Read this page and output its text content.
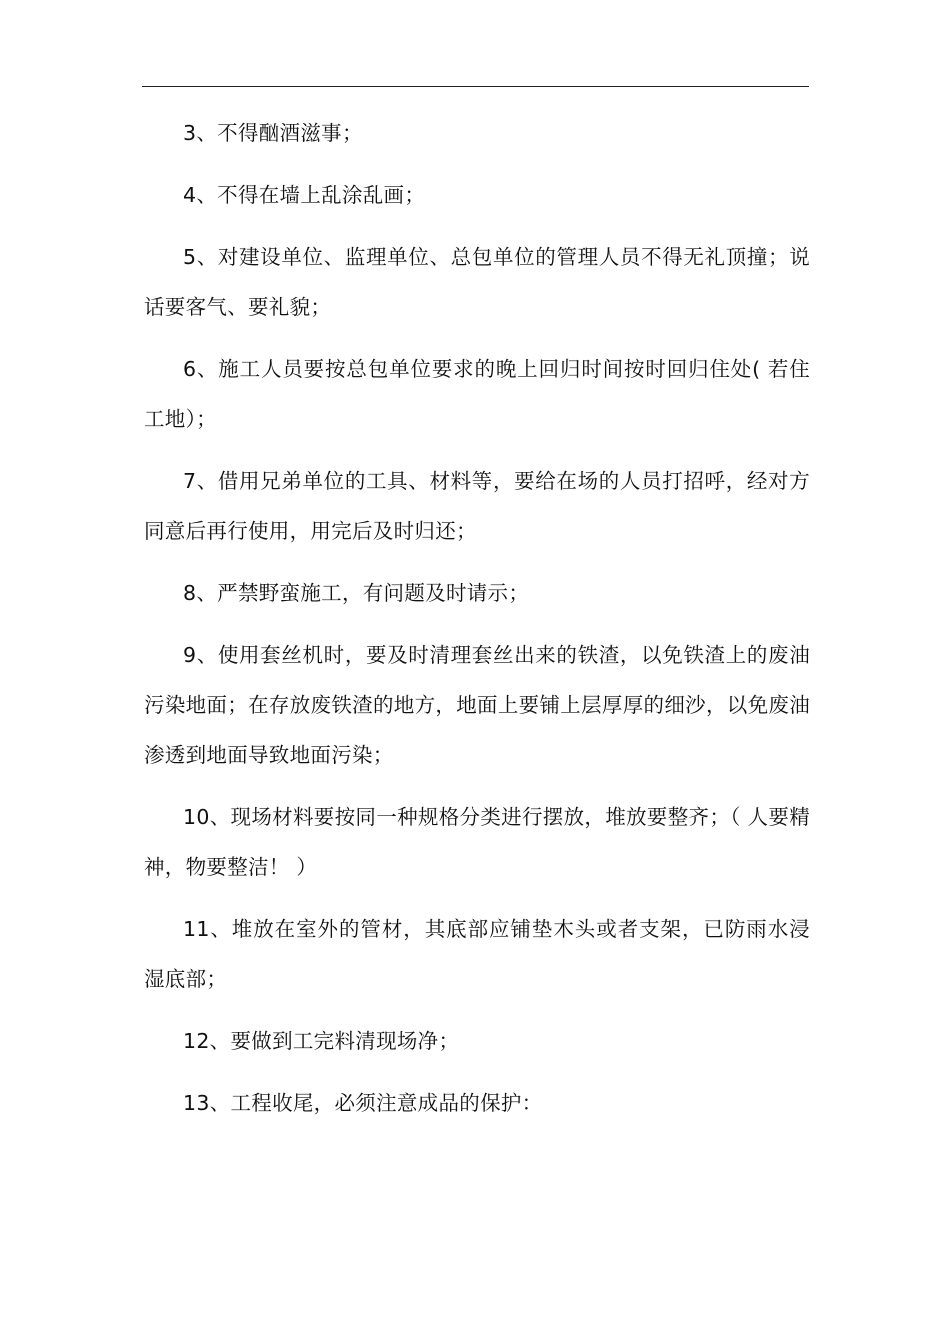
3、不得酗酒滋事；

4、不得在墙上乱涂乱画；

5、对建设单位、监理单位、总包单位的管理人员不得无礼顶撞；说话要客气、要礼貌；

6、施工人员要按总包单位要求的晚上回归时间按时回归住处( 若住工地）；

7、借用兄弟单位的工具、材料等，要给在场的人员打招呼，经对方同意后再行使用，用完后及时归还；

8、严禁野蛮施工，有问题及时请示；

9、使用套丝机时，要及时清理套丝出来的铁渣，以免铁渣上的废油污染地面；在存放废铁渣的地方，地面上要铺上层厚厚的细沙，以免废油渗透到地面导致地面污染；

10、现场材料要按同一种规格分类进行摆放，堆放要整齐；（ 人要精神，物要整洁！ ）

11、堆放在室外的管材，其底部应铺垫木头或者支架，已防雨水浸湿底部；

12、要做到工完料清现场净；

13、工程收尾，必须注意成品的保护：
